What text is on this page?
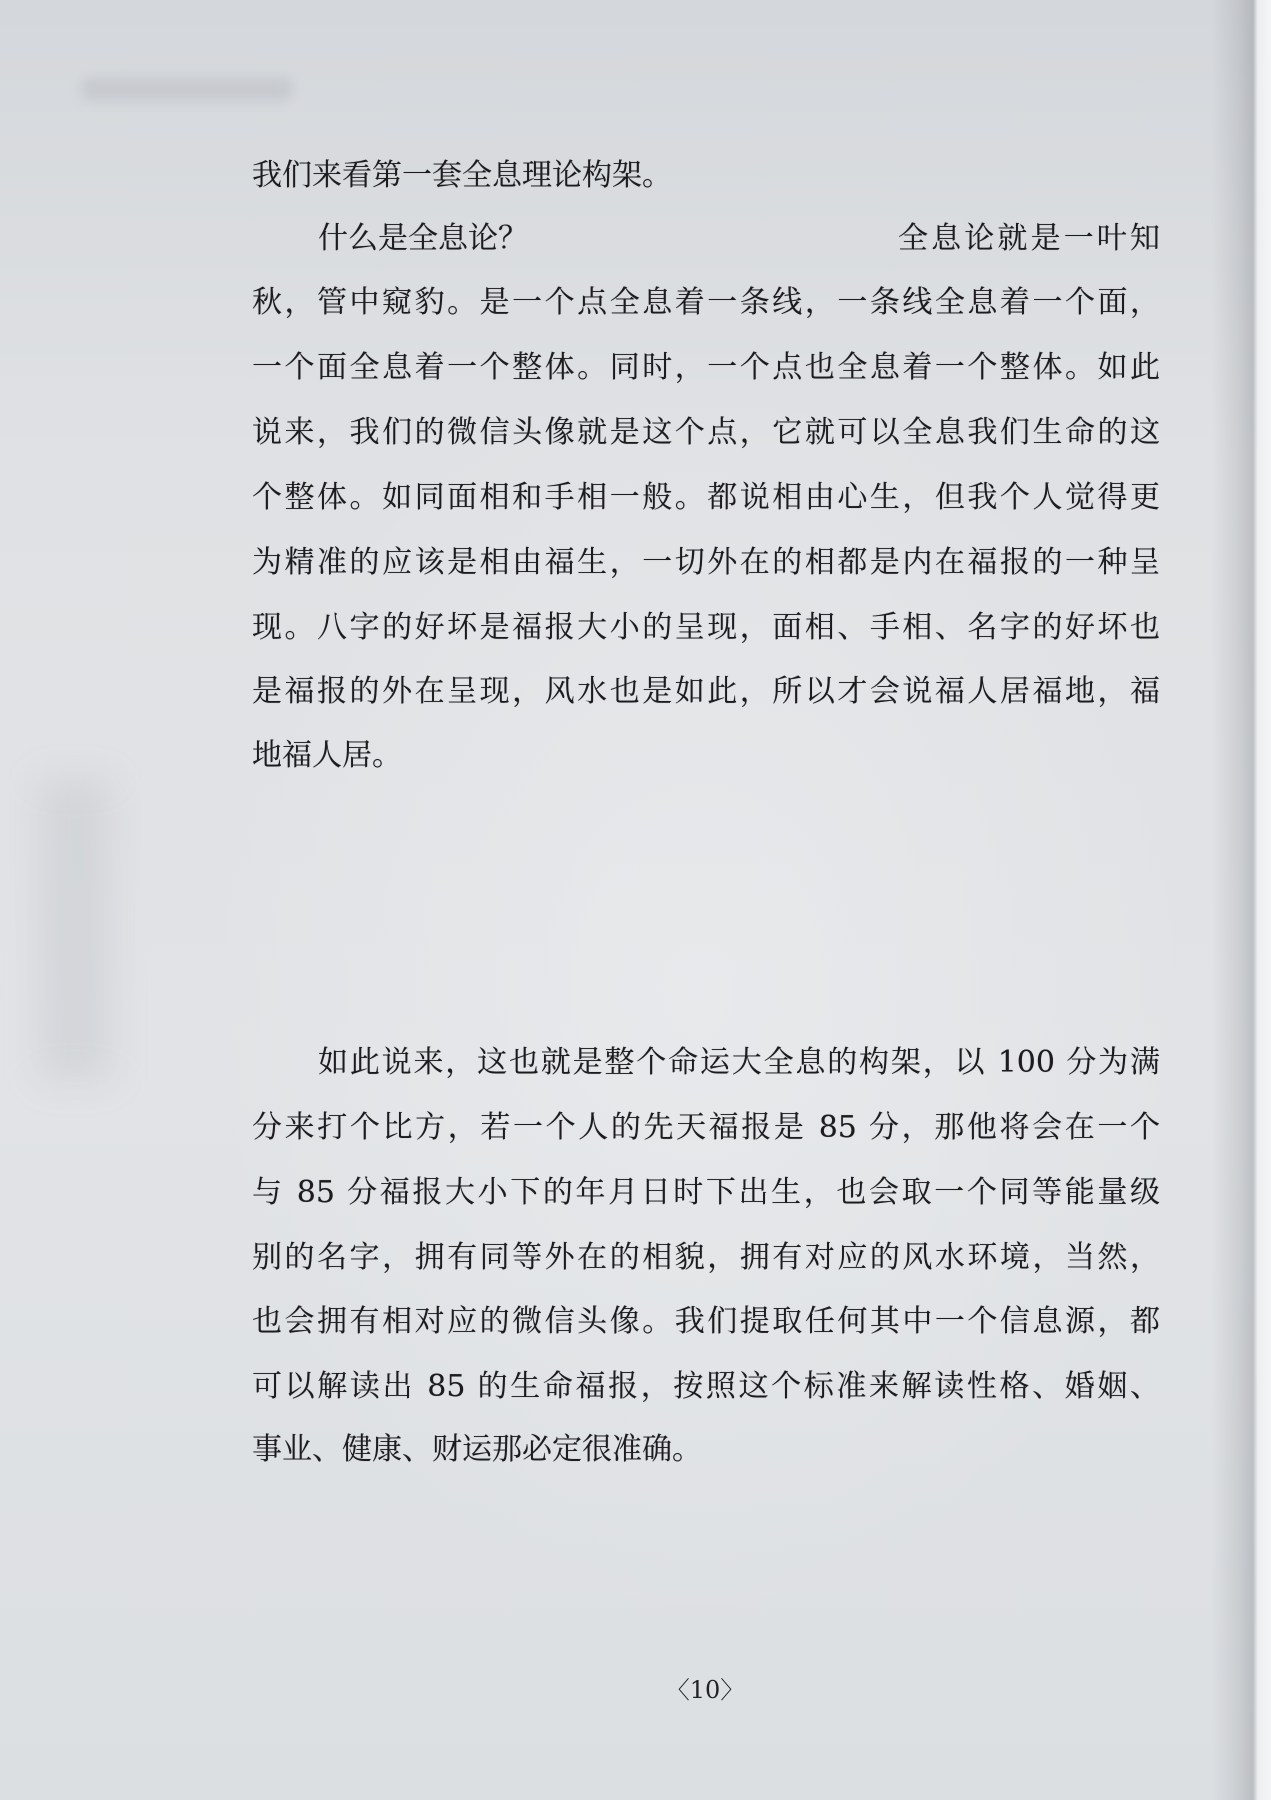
我们来看第一套全息理论构架。
什么是全息论？	全息论就是一叶知
秋，管中窥豹。是一个点全息着一条线，一条线全息着一个面，
一个面全息着一个整体。同时，一个点也全息着一个整体。如此
说来，我们的微信头像就是这个点，它就可以全息我们生命的这
个整体。如同面相和手相一般。都说相由心生，但我个人觉得更
为精准的应该是相由福生，一切外在的相都是内在福报的一种呈
现。八字的好坏是福报大小的呈现，面相、手相、名字的好坏也
是福报的外在呈现，风水也是如此，所以才会说福人居福地，福
地福人居。
如此说来，这也就是整个命运大全息的构架，以 100 分为满
分来打个比方，若一个人的先天福报是 85 分，那他将会在一个
与 85 分福报大小下的年月日时下出生，也会取一个同等能量级
别的名字，拥有同等外在的相貌，拥有对应的风水环境，当然，
也会拥有相对应的微信头像。我们提取任何其中一个信息源，都
可以解读出 85 的生命福报，按照这个标准来解读性格、婚姻、
事业、健康、财运那必定很准确。
〈10〉
